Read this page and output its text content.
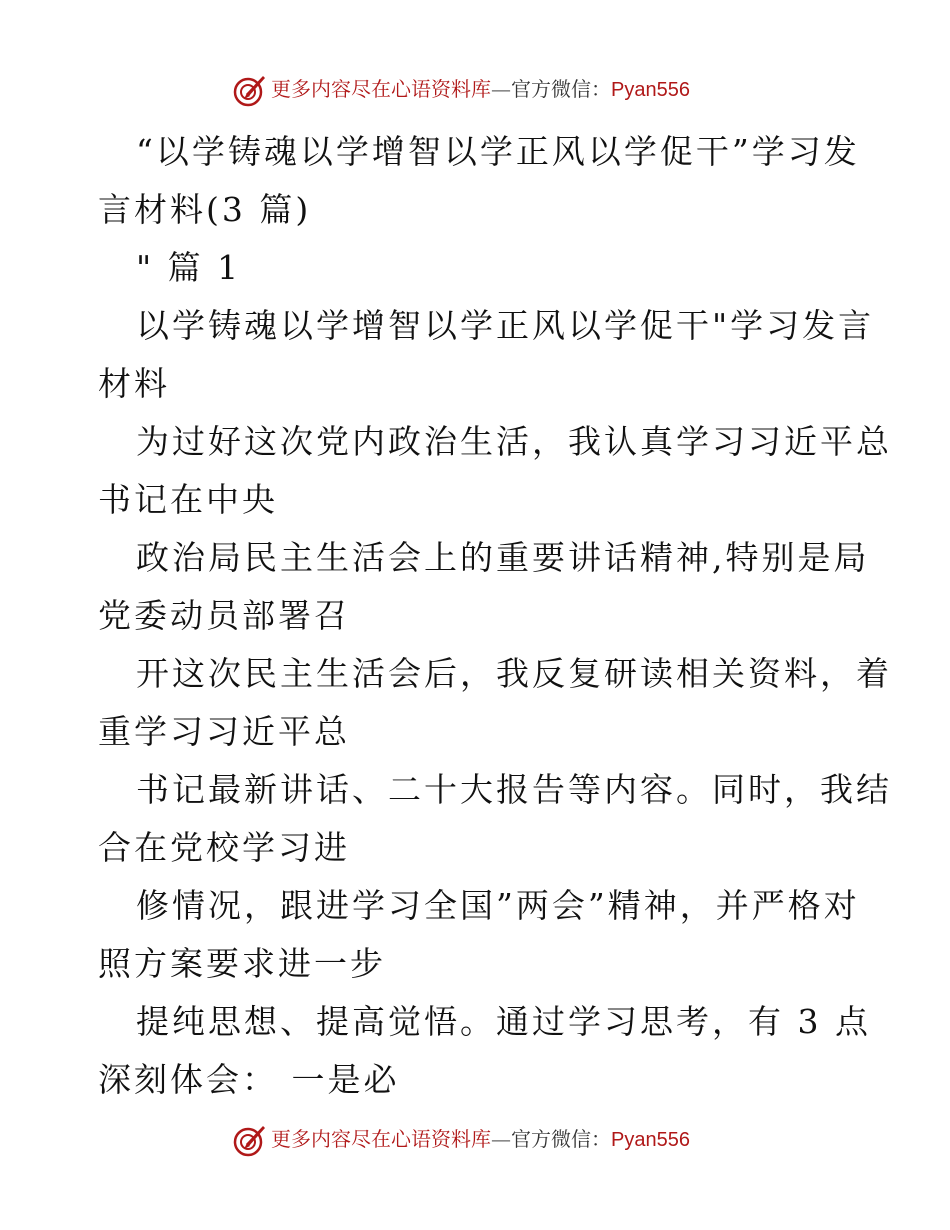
更多内容尽在心语资料库—官方微信：Pyan556
“以学铸魂以学增智以学正风以学促干”学习发
言材料(3 篇)
" 篇 1
以学铸魂以学增智以学正风以学促干"学习发言
材料
为过好这次党内政治生活，我认真学习习近平总
书记在中央
政治局民主生活会上的重要讲话精神,特别是局
党委动员部署召
开这次民主生活会后，我反复研读相关资料，着
重学习习近平总
书记最新讲话、二十大报告等内容。同时，我结
合在党校学习进
修情况，跟进学习全国”两会”精神，并严格对
照方案要求进一步
提纯思想、提高觉悟。通过学习思考，有 3 点
深刻体会： 一是必
更多内容尽在心语资料库—官方微信：Pyan556
